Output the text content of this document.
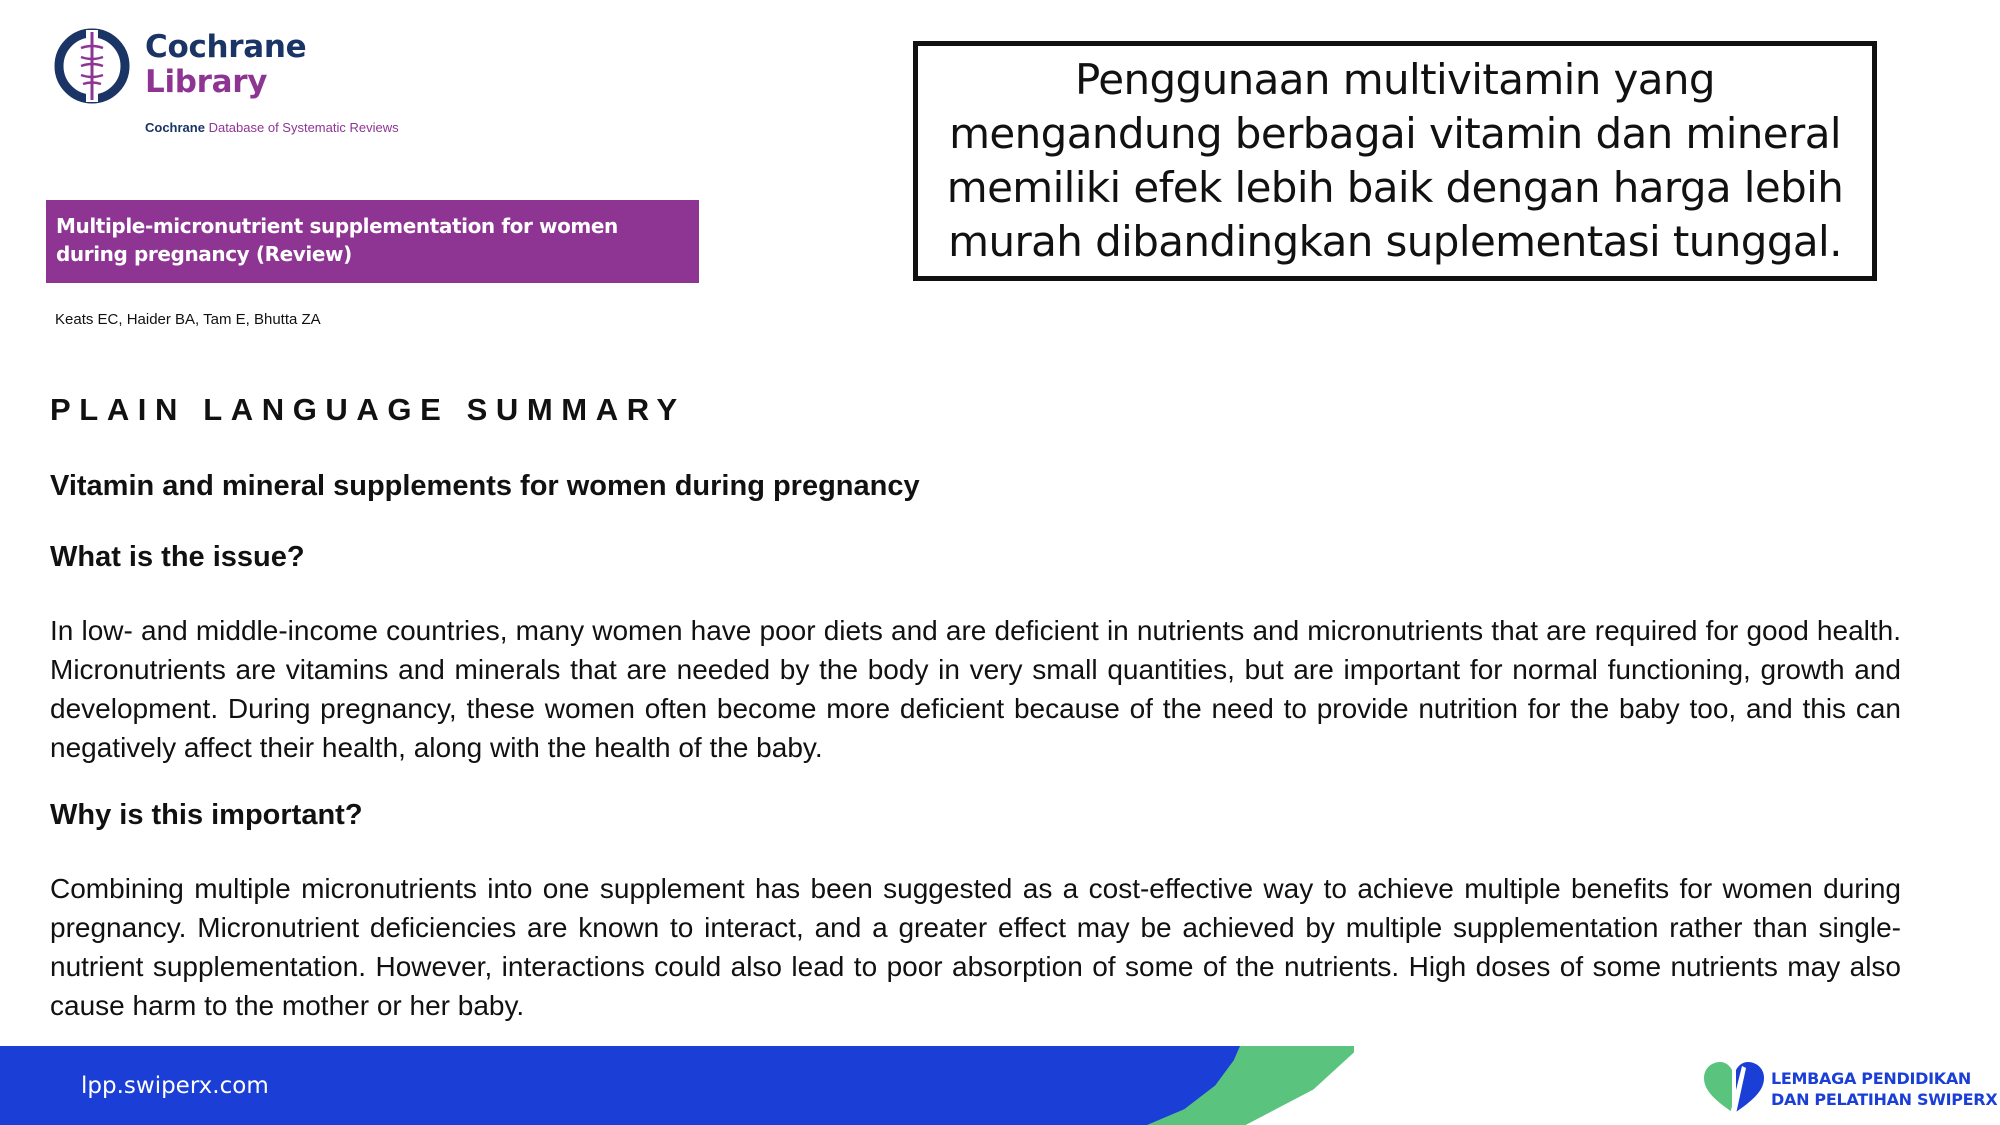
Cochrane
Library
Cochrane Database of Systematic Reviews
Multiple-micronutrient supplementation for women during pregnancy (Review)
Keats EC, Haider BA, Tam E, Bhutta ZA
Penggunaan multivitamin yang mengandung berbagai vitamin dan mineral memiliki efek lebih baik dengan harga lebih murah dibandingkan suplementasi tunggal.
PLAIN LANGUAGE SUMMARY
Vitamin and mineral supplements for women during pregnancy
What is the issue?
In low- and middle-income countries, many women have poor diets and are deficient in nutrients and micronutrients that are required for good health. Micronutrients are vitamins and minerals that are needed by the body in very small quantities, but are important for normal functioning, growth and development. During pregnancy, these women often become more deficient because of the need to provide nutrition for the baby too, and this can negatively affect their health, along with the health of the baby.
Why is this important?
Combining multiple micronutrients into one supplement has been suggested as a cost-effective way to achieve multiple benefits for women during pregnancy. Micronutrient deficiencies are known to interact, and a greater effect may be achieved by multiple supplementation rather than single-nutrient supplementation. However, interactions could also lead to poor absorption of some of the nutrients. High doses of some nutrients may also cause harm to the mother or her baby.
lpp.swiperx.com	LEMBAGA PENDIDIKAN
DAN PELATIHAN SWIPERX
